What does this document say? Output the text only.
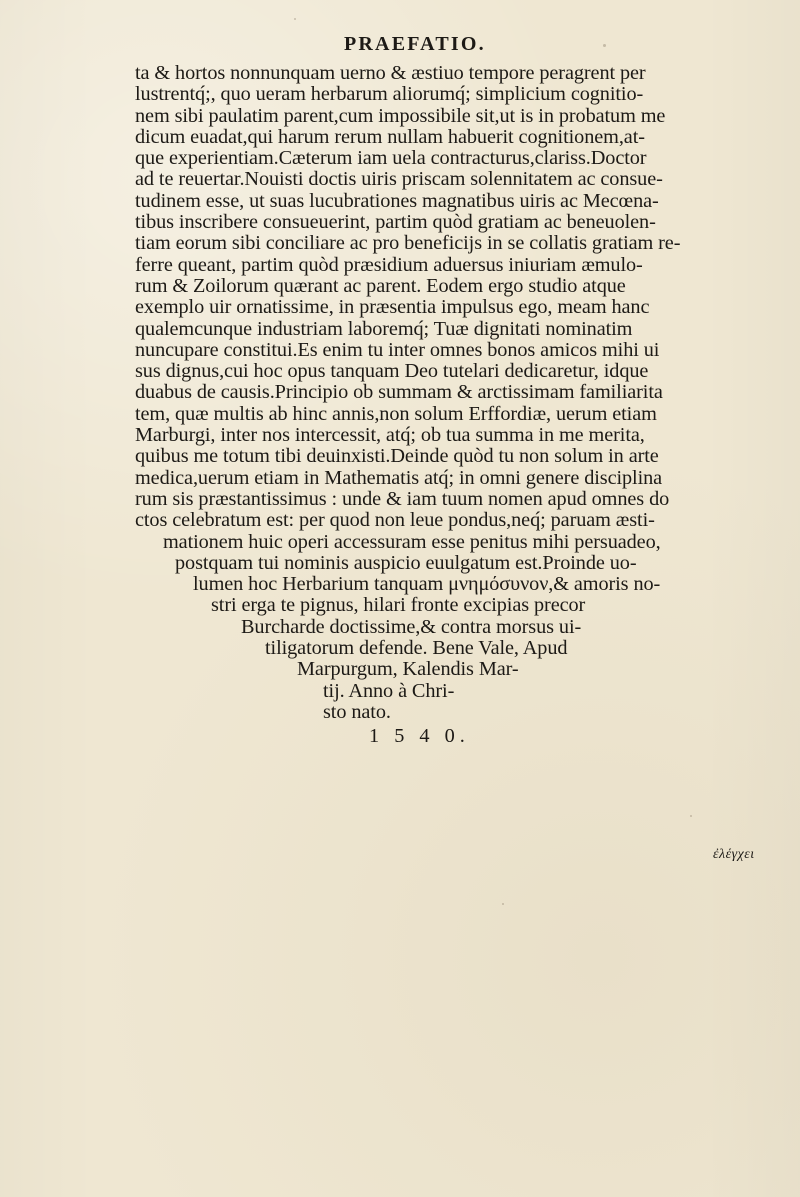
PRAEFATIO.
ta & hortos nonnunquam uerno & æstiuo tempore peragrent per
lustrentq́;, quo ueram herbarum aliorumq́; simplicium cognitio-
nem sibi paulatim parent,cum impossibile sit,ut is in probatum me
dicum euadat,qui harum rerum nullam habuerit cognitionem,at-
que experientiam.Cæterum iam uela contracturus,clariss.Doctor
ad te reuertar.Nouisti doctis uiris priscam solennitatem ac consue-
tudinem esse, ut suas lucubrationes magnatibus uiris ac Mecœna-
tibus inscribere consueuerint, partim quòd gratiam ac beneuolen-
tiam eorum sibi conciliare ac pro beneficijs in se collatis gratiam re-
ferre queant, partim quòd præsidium aduersus iniuriam æmulo-
rum & Zoilorum quærant ac parent. Eodem ergo studio atque
exemplo uir ornatissime, in præsentia impulsus ego, meam hanc
qualemcunque industriam laboremq́; Tuæ dignitati nominatim
nuncupare constitui.Es enim tu inter omnes bonos amicos mihi ui
sus dignus,cui hoc opus tanquam Deo tutelari dedicaretur, idque
duabus de causis.Principio ob summam & arctissimam familiarita
tem, quæ multis ab hinc annis,non solum Erffordiæ, uerum etiam
Marburgi, inter nos intercessit, atq́; ob tua summa in me merita,
quibus me totum tibi deuinxisti.Deinde quòd tu non solum in arte
medica,uerum etiam in Mathematis atq́; in omni genere disciplina
rum sis præstantissimus : unde & iam tuum nomen apud omnes do
ctos celebratum est: per quod non leue pondus,neq́; paruam æsti-
mationem huic operi accessuram esse penitus mihi persuadeo,
postquam tui nominis auspicio euulgatum est.Proinde uo-
lumen hoc Herbarium tanquam μνημόσυνον,& amoris no-
stri erga te pignus, hilari fronte excipias precor
Burcharde doctissime,& contra morsus ui-
tiligatorum defende. Bene Vale, Apud
Marpurgum, Kalendis Mar-
tij. Anno à Chri-
sto nato.
1 5 4 0.
ἐλέγχει
